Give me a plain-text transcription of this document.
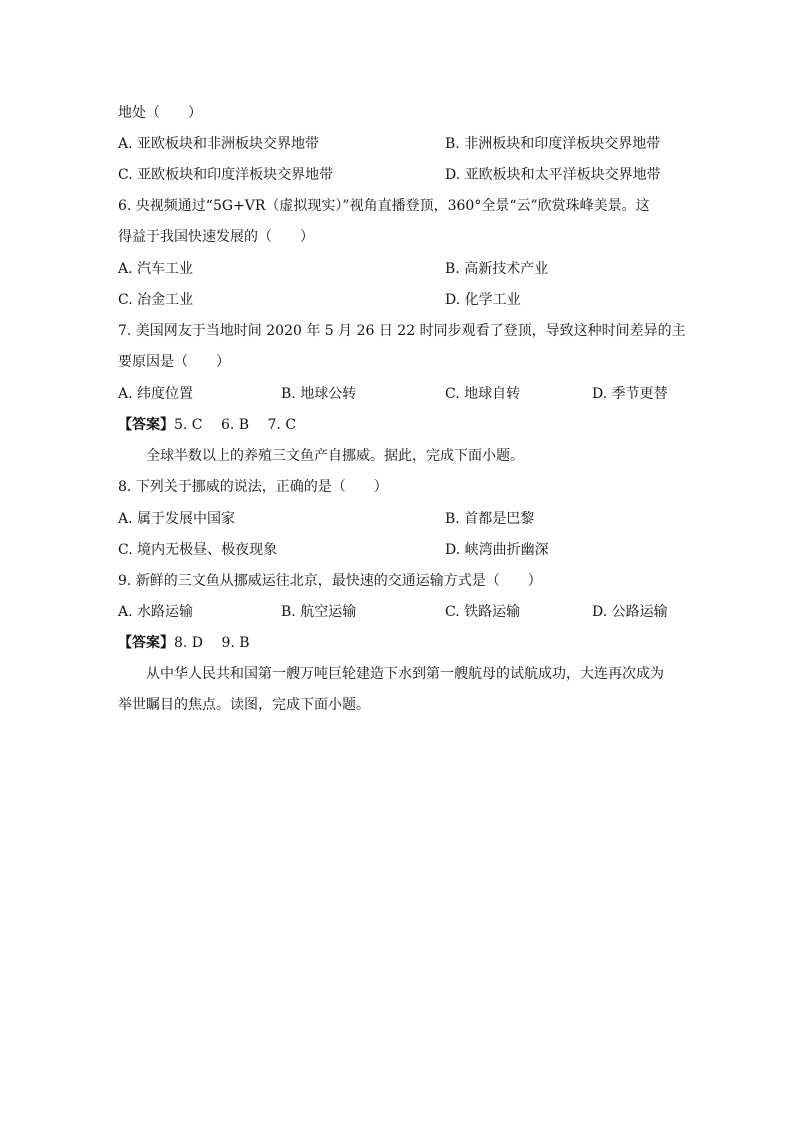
地处（　　）
A. 亚欧板块和非洲板块交界地带	B. 非洲板块和印度洋板块交界地带
C. 亚欧板块和印度洋板块交界地带	D. 亚欧板块和太平洋板块交界地带
6. 央视频通过“5G+VR（虚拟现实）”视角直播登顶，360°全景“云”欣赏珠峰美景。这
得益于我国快速发展的（　　）
A. 汽车工业	B. 高新技术产业
C. 冶金工业	D. 化学工业
7. 美国网友于当地时间 2020 年 5 月 26 日 22 时同步观看了登顶，导致这种时间差异的主
要原因是（　　）
A. 纬度位置	B. 地球公转	C. 地球自转	D. 季节更替
【答案】5. C　 6. B　 7. C
全球半数以上的养殖三文鱼产自挪威。据此，完成下面小题。
8. 下列关于挪威的说法，正确的是（　　）
A. 属于发展中国家	B. 首都是巴黎
C. 境内无极昼、极夜现象	D. 峡湾曲折幽深
9. 新鲜的三文鱼从挪威运往北京，最快速的交通运输方式是（　　）
A. 水路运输	B. 航空运输	C. 铁路运输	D. 公路运输
【答案】8. D　 9. B
从中华人民共和国第一艘万吨巨轮建造下水到第一艘航母的试航成功，大连再次成为
举世瞩目的焦点。读图，完成下面小题。
